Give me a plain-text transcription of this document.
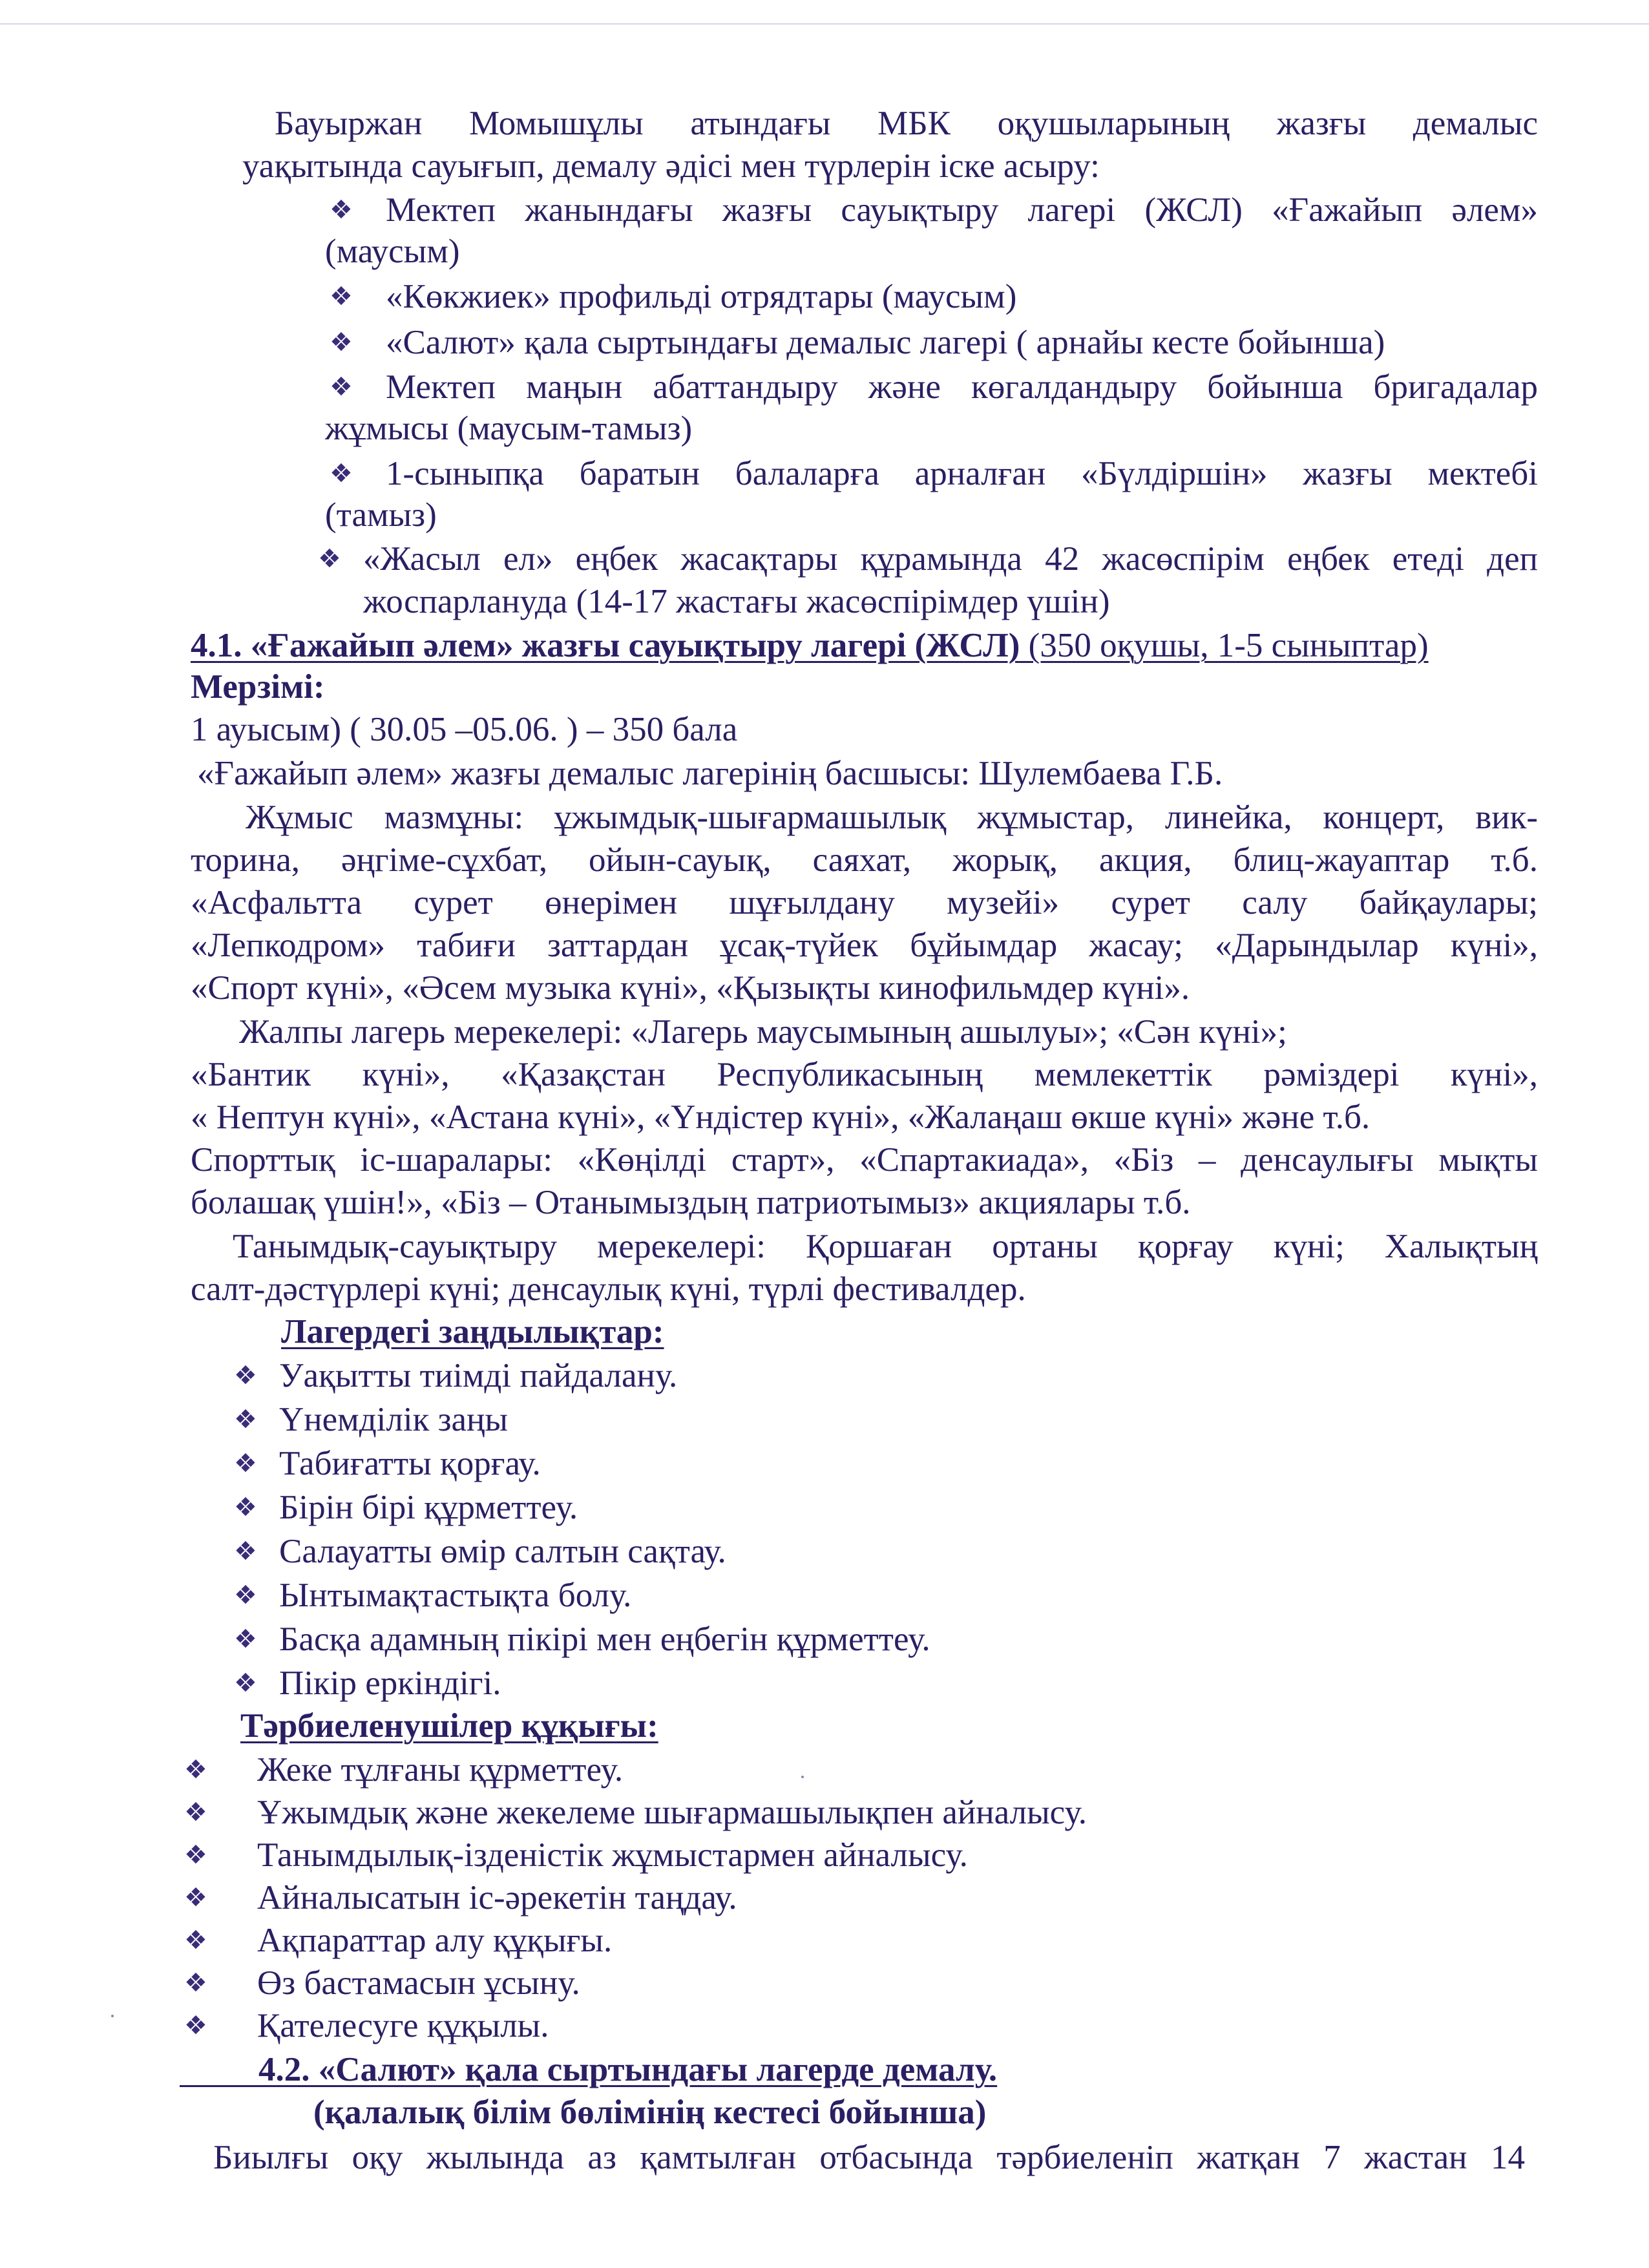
Бауыржан Момышұлы атындағы МБК оқушыларының жазғы демалыс
уақытында сауығып, демалу әдісі мен түрлерін іске асыру:
❖ Мектеп жанындағы жазғы сауықтыру лагері (ЖСЛ) «Ғажайып әлем»
(маусым)
❖ «Көкжиек» профильді отрядтары (маусым)
❖ «Салют» қала сыртындағы демалыс лагері ( арнайы кесте бойынша)
❖ Мектеп маңын абаттандыру және көгалдандыру бойынша бригадалар
жұмысы (маусым-тамыз)
❖ 1-сыныпқа баратын балаларға арналған «Бүлдіршін» жазғы мектебі
(тамыз)
❖ «Жасыл ел» еңбек жасақтары құрамында 42 жасөспірім еңбек етеді деп
жоспарлануда (14-17 жастағы жасөспірімдер үшін)
4.1. «Ғажайып әлем» жазғы сауықтыру лагері (ЖСЛ) (350 оқушы, 1-5 сыныптар)
Мерзімі:
1 ауысым) ( 30.05 –05.06. ) – 350 бала
«Ғажайып әлем» жазғы демалыс лагерінің басшысы: Шулембаева Г.Б.
Жұмыс мазмұны: ұжымдық-шығармашылық жұмыстар, линейка, концерт, вик-
торина, әңгіме-сұхбат, ойын-сауық, саяхат, жорық, акция, блиц-жауаптар т.б.
«Асфальтта сурет өнерімен шұғылдану музейі» сурет салу байқаулары;
«Лепкодром» табиғи заттардан ұсақ-түйек бұйымдар жасау; «Дарындылар күні»,
«Спорт күні», «Әсем музыка күні», «Қызықты кинофильмдер күні».
Жалпы лагерь мерекелері: «Лагерь маусымының ашылуы»; «Сән күні»;
«Бантик күні», «Қазақстан Республикасының мемлекеттік рәміздері күні»,
« Нептун күні», «Астана күні», «Үндістер күні», «Жалаңаш өкше күні» және т.б.
Спорттық іс-шаралары: «Көңілді старт», «Спартакиада», «Біз – денсаулығы мықты
болашақ үшін!», «Біз – Отанымыздың патриотымыз» акциялары т.б.
Танымдық-сауықтыру мерекелері: Қоршаған ортаны қорғау күні; Халықтың
салт-дәстүрлері күні; денсаулық күні, түрлі фестивалдер.
Лагердегі заңдылықтар:
❖ Уақытты тиімді пайдалану.
❖ Үнемділік заңы
❖ Табиғатты қорғау.
❖ Бірін бірі құрметтеу.
❖ Салауатты өмір салтын сақтау.
❖ Ынтымақтастықта болу.
❖ Басқа адамның пікірі мен еңбегін құрметтеу.
❖ Пікір еркіндігі.
Тәрбиеленушілер құқығы:
❖ Жеке тұлғаны құрметтеу.
❖ Ұжымдық және жекелеме шығармашылықпен айналысу.
❖ Танымдылық-ізденістік жұмыстармен айналысу.
❖ Айналысатын іс-әрекетін таңдау.
❖ Ақпараттар алу құқығы.
❖ Өз бастамасын ұсыну.
❖ Қателесуге құқылы.
4.2. «Салют» қала сыртындағы лагерде демалу.
(қалалық білім бөлімінің кестесі бойынша)
Биылғы оқу жылында аз қамтылған отбасында тәрбиеленіп жатқан 7 жастан 14
